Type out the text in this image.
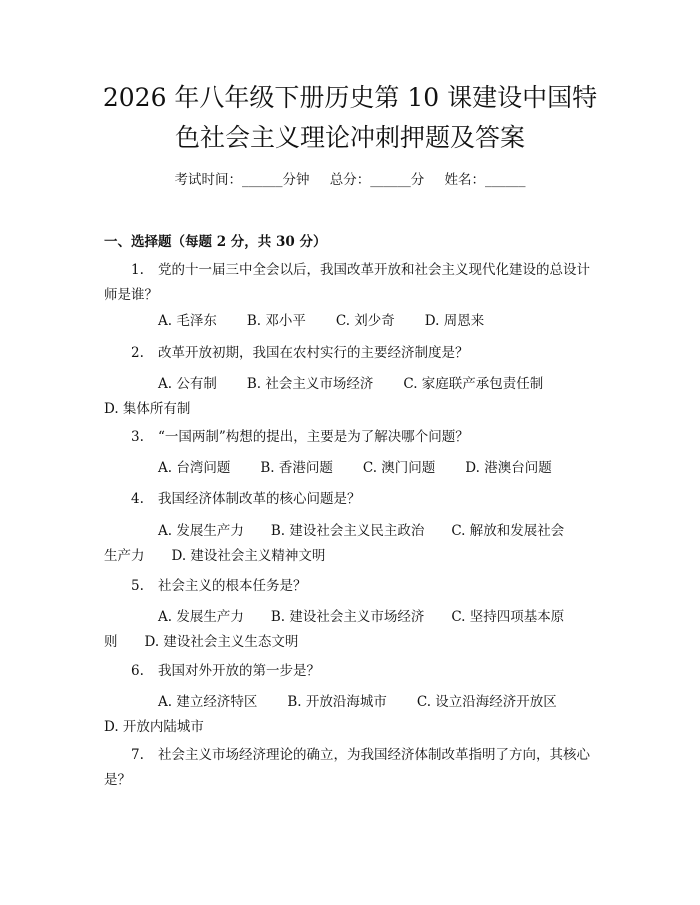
2026 年八年级下册历史第 10 课建设中国特
色社会主义理论冲刺押题及答案
考试时间：______分钟 总分：______分 姓名：______
一、选择题（每题 2 分，共 30 分）
1. 党的十一届三中全会以后，我国改革开放和社会主义现代化建设的总设计
师是谁？
A. 毛泽东 B. 邓小平 C. 刘少奇 D. 周恩来
2. 改革开放初期，我国在农村实行的主要经济制度是？
A. 公有制 B. 社会主义市场经济 C. 家庭联产承包责任制
D. 集体所有制
3. “一国两制”构想的提出，主要是为了解决哪个问题？
A. 台湾问题 B. 香港问题 C. 澳门问题 D. 港澳台问题
4. 我国经济体制改革的核心问题是？
A. 发展生产力　　B. 建设社会主义民主政治　　C. 解放和发展社会
生产力　　D. 建设社会主义精神文明
5. 社会主义的根本任务是？
A. 发展生产力　　B. 建设社会主义市场经济　　C. 坚持四项基本原
则　　D. 建设社会主义生态文明
6. 我国对外开放的第一步是？
A. 建立经济特区 B. 开放沿海城市 C. 设立沿海经济开放区
D. 开放内陆城市
7. 社会主义市场经济理论的确立，为我国经济体制改革指明了方向，其核心
是？
